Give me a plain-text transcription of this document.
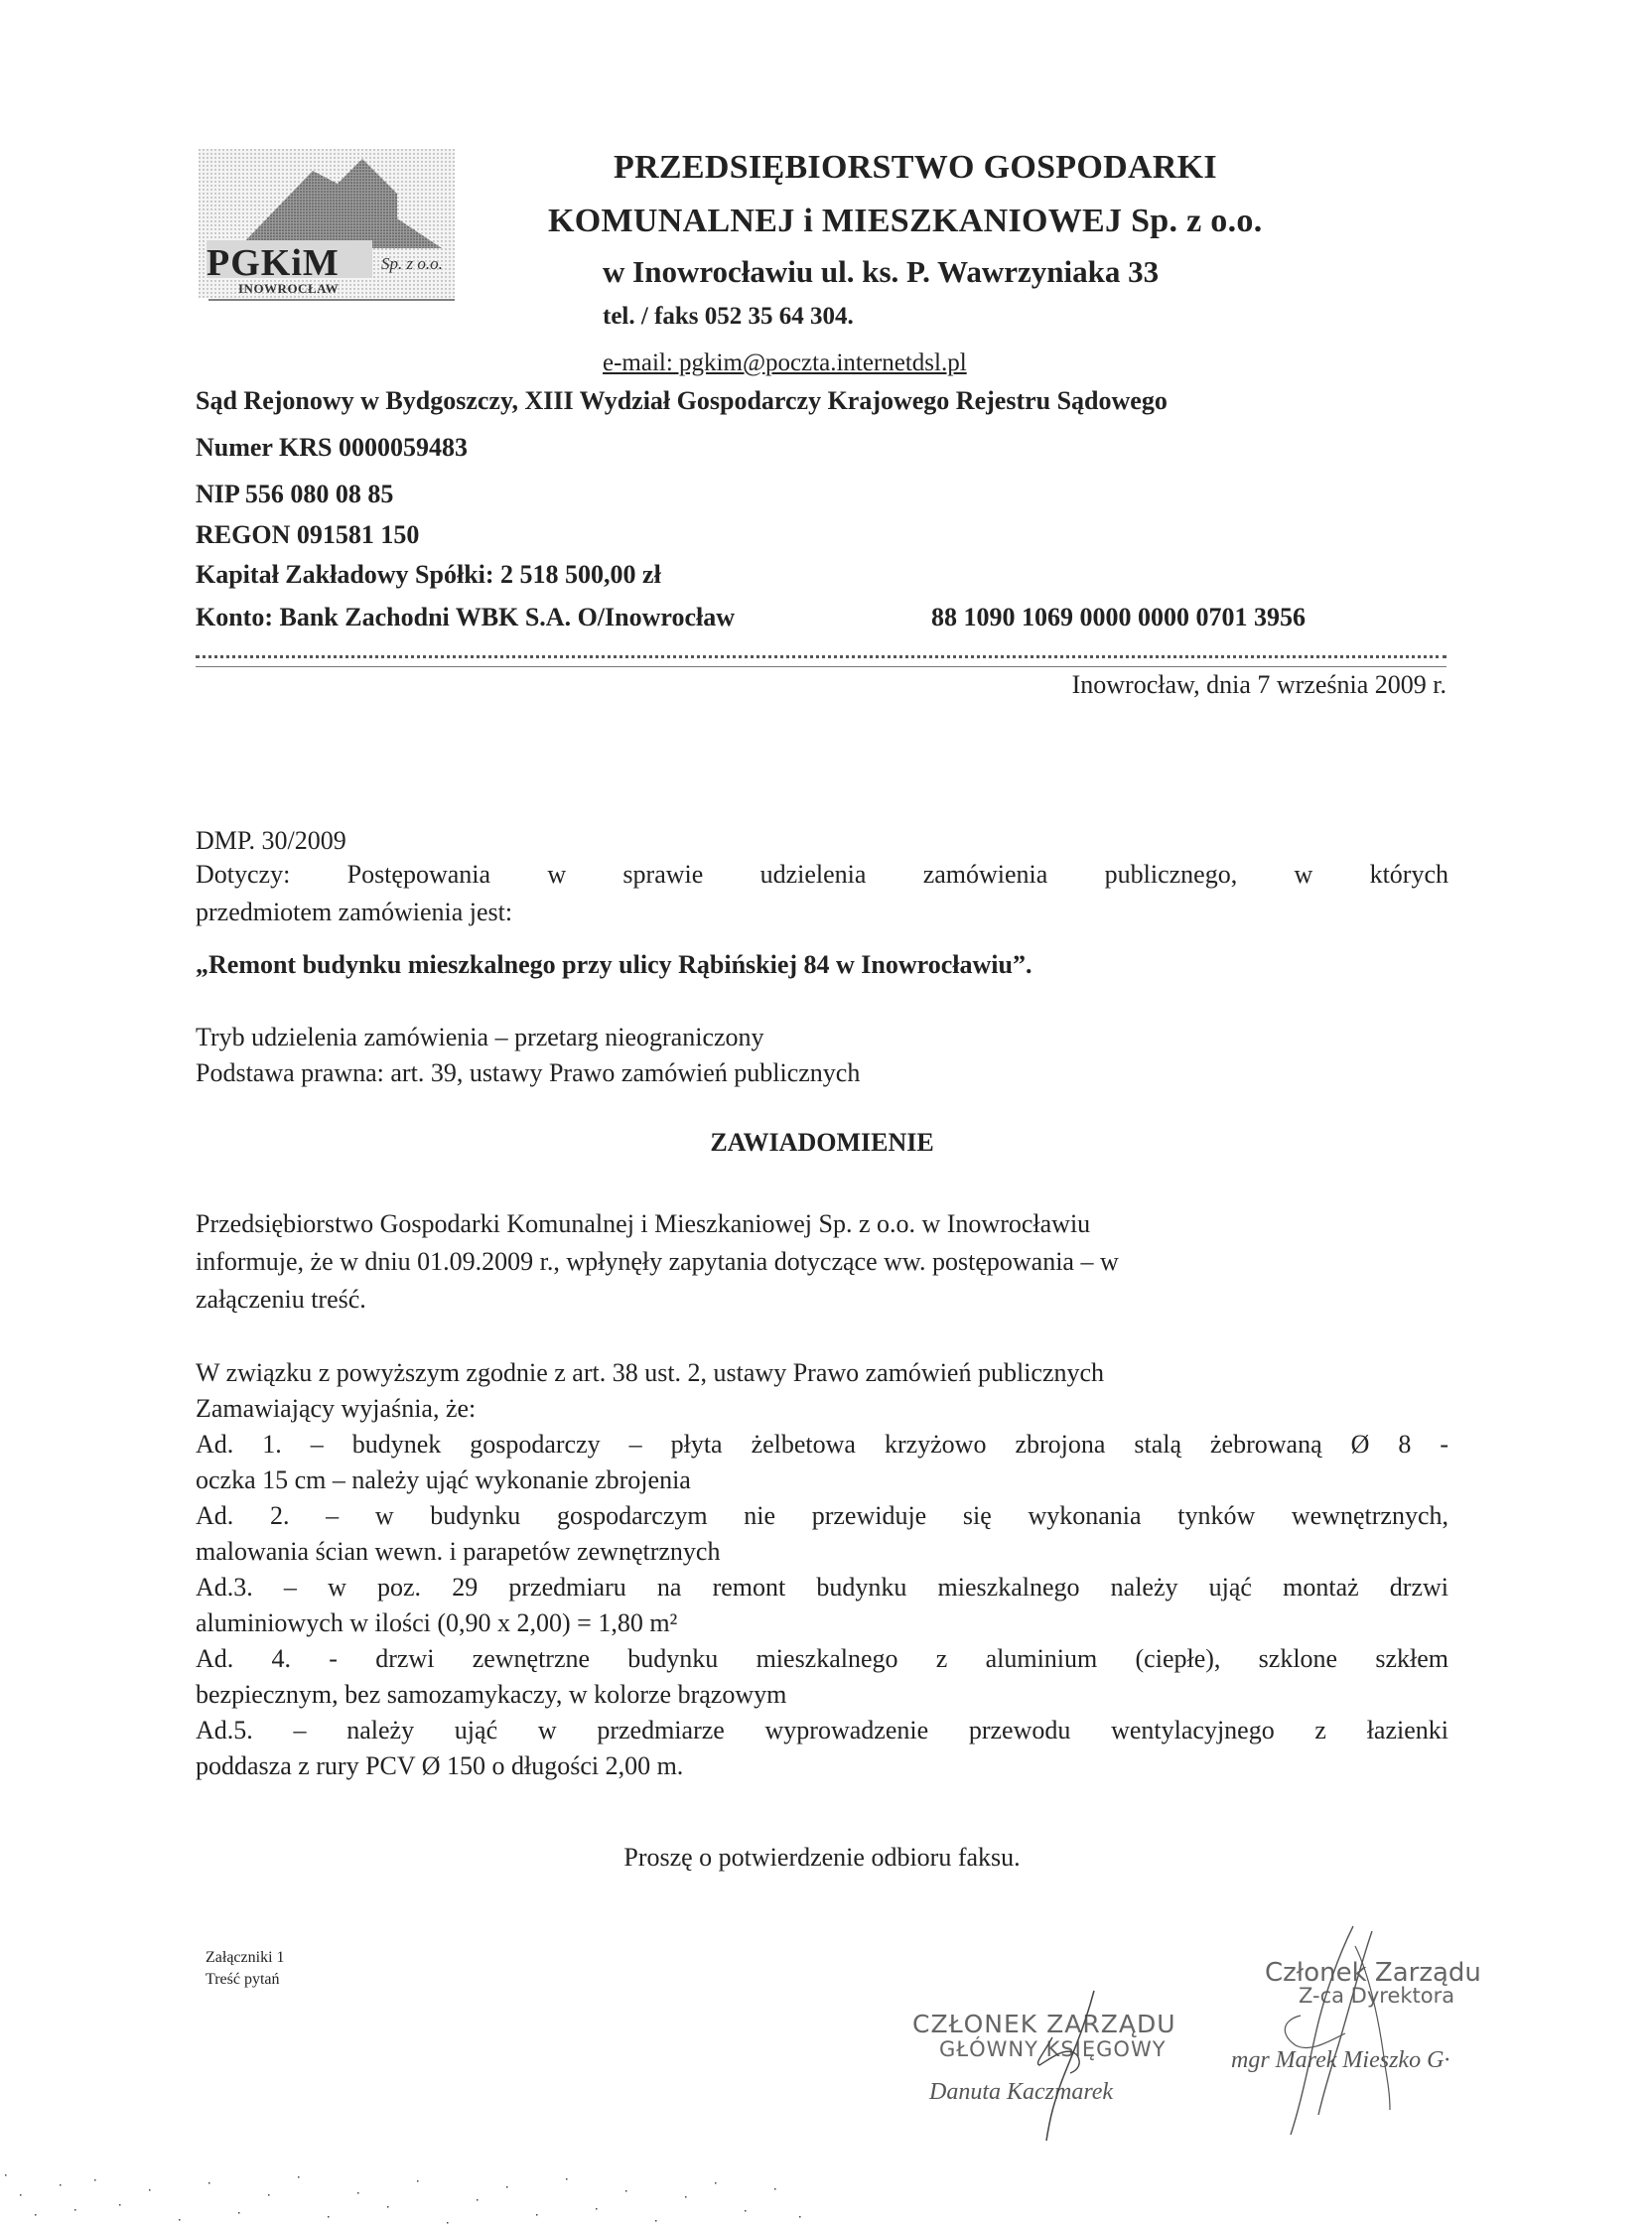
PGKiM Sp. z o.o.
INOWROCŁAW
PRZEDSIĘBIORSTWO GOSPODARKI
KOMUNALNEJ i MIESZKANIOWEJ Sp. z o.o.
w Inowrocławiu ul. ks. P. Wawrzyniaka 33
tel. / faks 052 35 64 304.
e-mail: pgkim@poczta.internetdsl.pl
Sąd Rejonowy w Bydgoszczy, XIII Wydział Gospodarczy Krajowego Rejestru Sądowego
Numer KRS 0000059483
NIP 556 080 08 85
REGON 091581 150
Kapitał Zakładowy Spółki: 2 518 500,00 zł
Konto: Bank Zachodni WBK S.A. O/Inowrocław	88 1090 1069 0000 0000 0701 3956
Inowrocław, dnia 7 września 2009 r.
DMP. 30/2009
Dotyczy: Postępowania w sprawie udzielenia zamówienia publicznego, w których
przedmiotem zamówienia jest:
„Remont budynku mieszkalnego przy ulicy Rąbińskiej 84 w Inowrocławiu”.
Tryb udzielenia zamówienia – przetarg nieograniczony
Podstawa prawna: art. 39, ustawy Prawo zamówień publicznych
ZAWIADOMIENIE
Przedsiębiorstwo Gospodarki Komunalnej i Mieszkaniowej Sp. z o.o. w Inowrocławiu
informuje, że w dniu 01.09.2009 r., wpłynęły zapytania dotyczące ww. postępowania – w
załączeniu treść.
W związku z powyższym zgodnie z art. 38 ust. 2, ustawy Prawo zamówień publicznych
Zamawiający wyjaśnia, że:
Ad. 1. – budynek gospodarczy – płyta żelbetowa krzyżowo zbrojona stalą żebrowaną Ø 8 -
oczka 15 cm – należy ująć wykonanie zbrojenia
Ad. 2. – w budynku gospodarczym nie przewiduje się wykonania tynków wewnętrznych,
malowania ścian wewn. i parapetów zewnętrznych
Ad.3. – w poz. 29 przedmiaru na remont budynku mieszkalnego należy ująć montaż drzwi
aluminiowych w ilości (0,90 x 2,00) = 1,80 m²
Ad. 4. - drzwi zewnętrzne budynku mieszkalnego z aluminium (ciepłe), szklone szkłem
bezpiecznym, bez samozamykaczy, w kolorze brązowym
Ad.5. – należy ująć w przedmiarze wyprowadzenie przewodu wentylacyjnego z łazienki
poddasza z rury PCV Ø 150 o długości 2,00 m.
Proszę o potwierdzenie odbioru faksu.
Załączniki 1
Treść pytań
CZŁONEK ZARZĄDU
GŁÓWNY KSIĘGOWY
Danuta Kaczmarek
Członek Zarządu
Z-ca Dyrektora
mgr Marek Mieszko G·
